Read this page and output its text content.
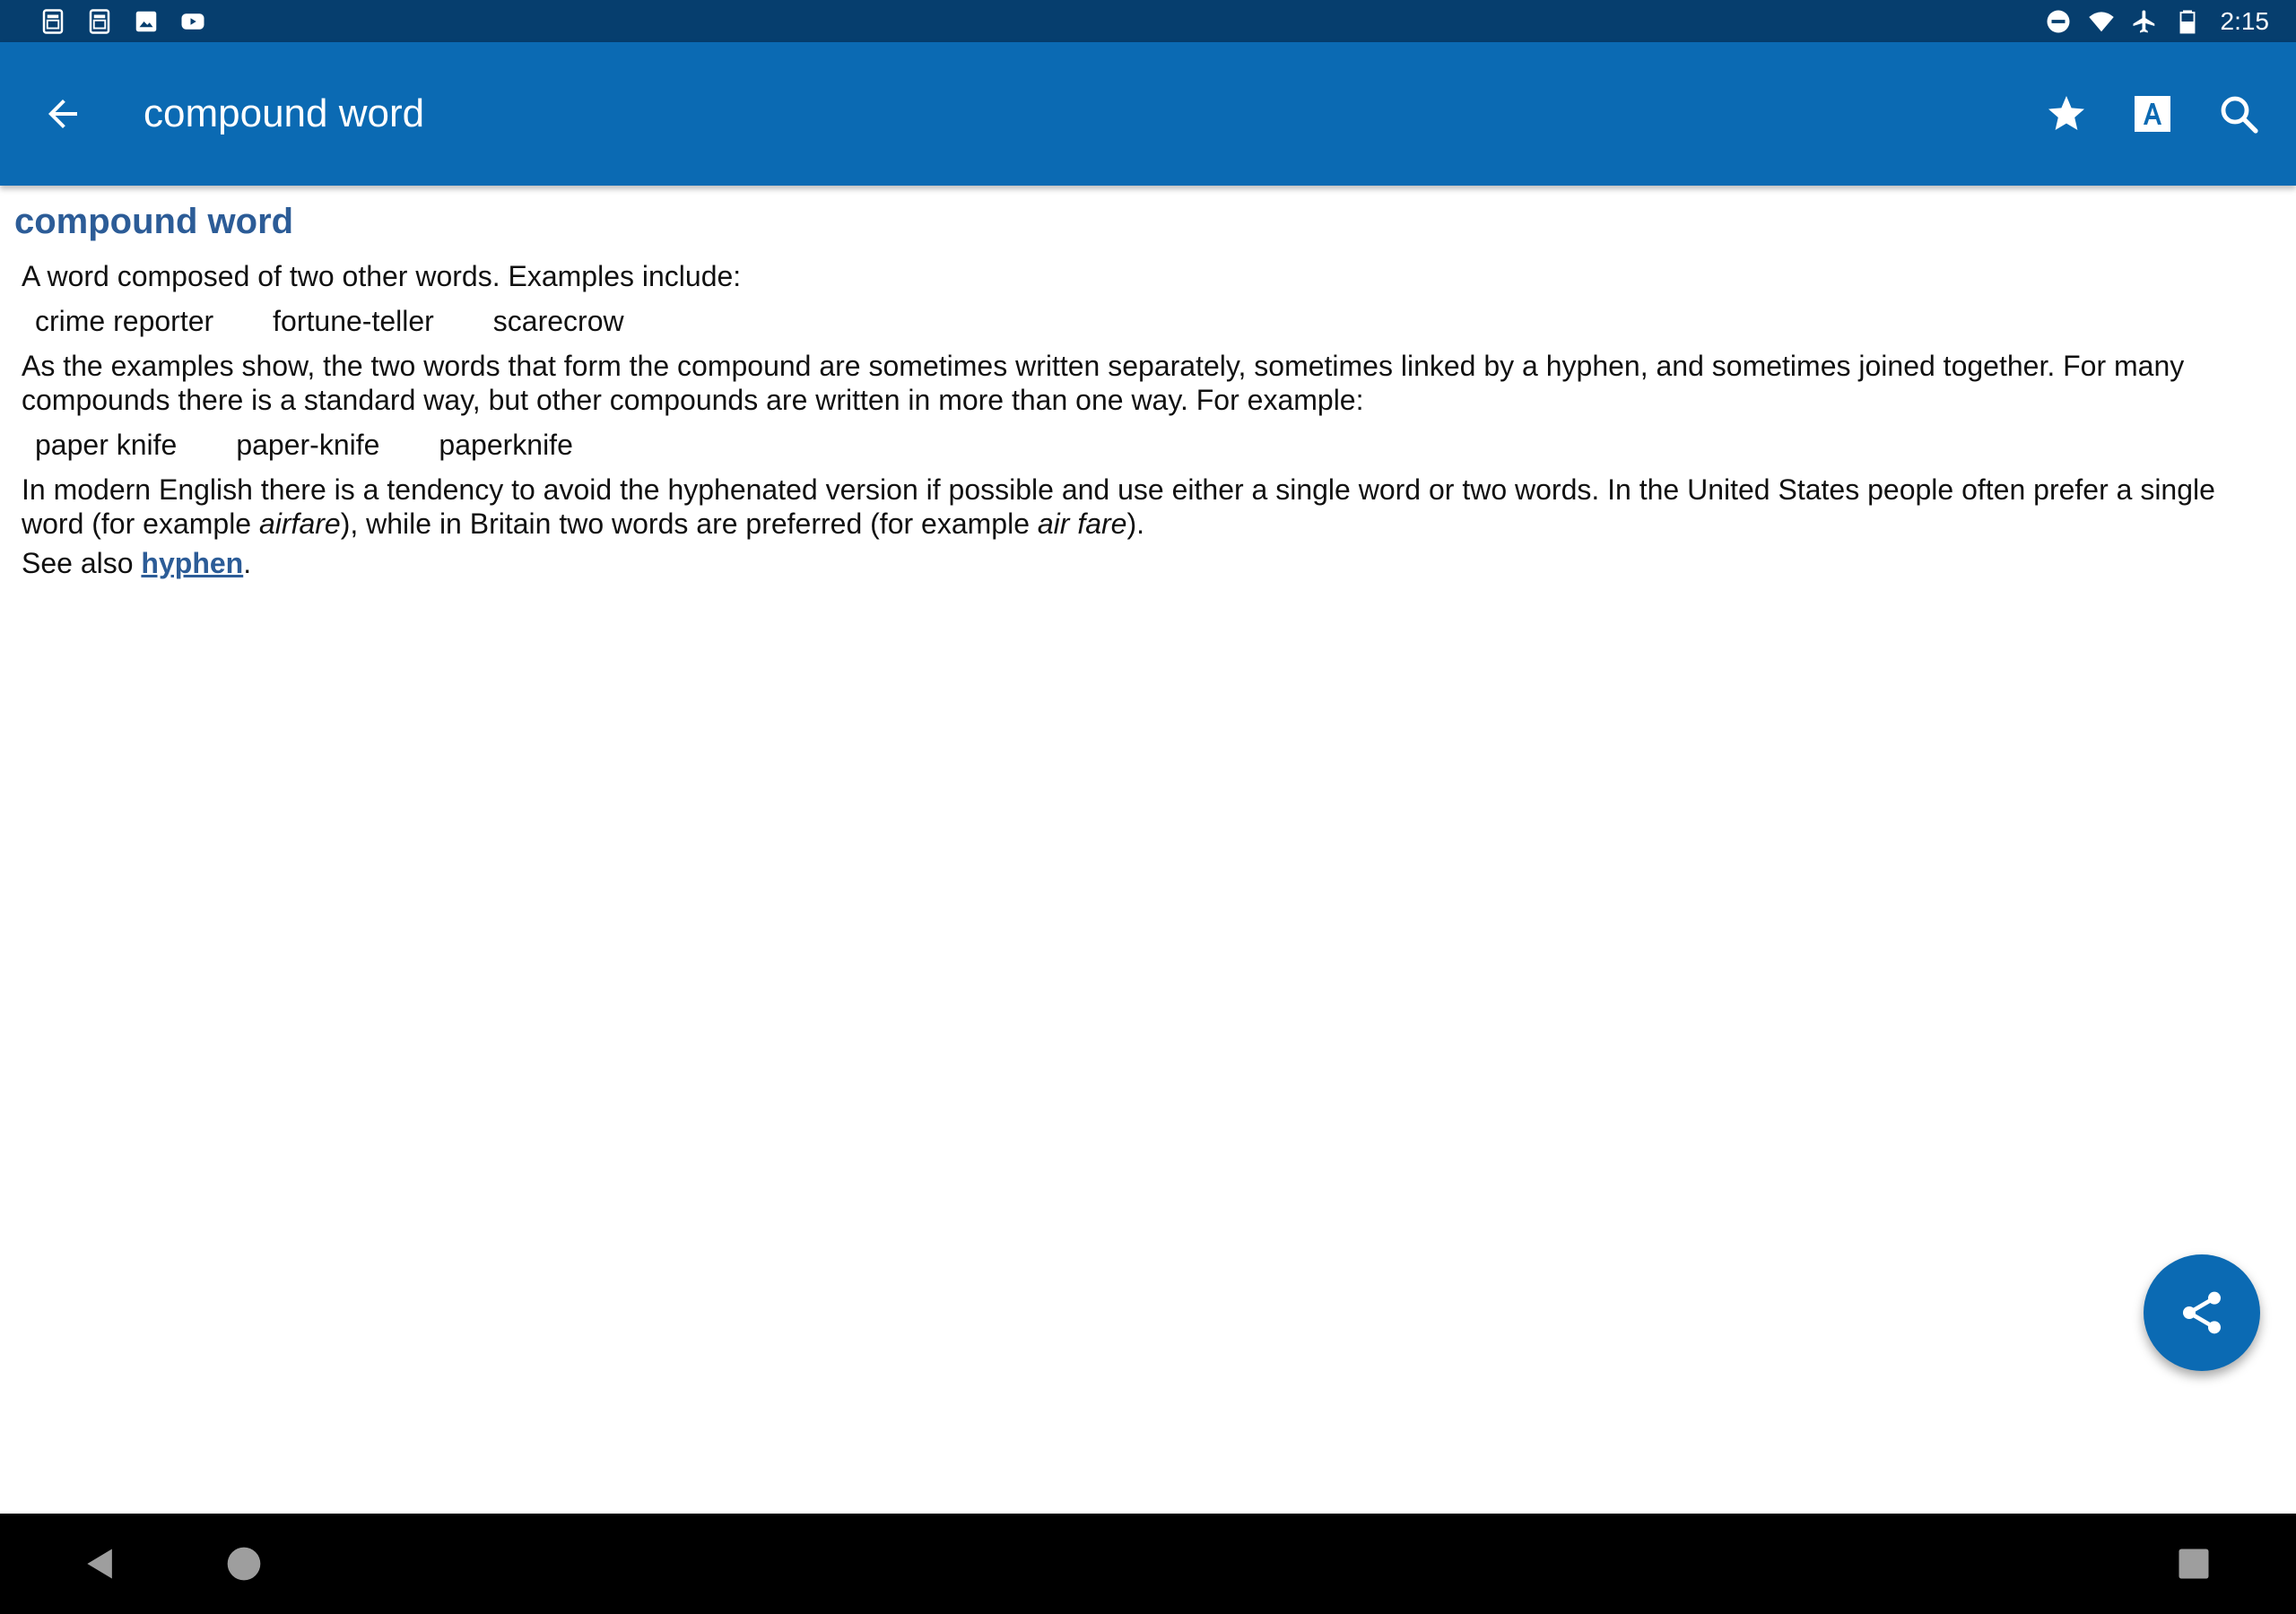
2:15
compound word
compound word
A word composed of two other words. Examples include:
crime reporter fortune-teller scarecrow
As the examples show, the two words that form the compound are sometimes written separately, sometimes linked by a hyphen, and sometimes joined together. For many compounds there is a standard way, but other compounds are written in more than one way. For example:
paper knife paper-knife paperknife
In modern English there is a tendency to avoid the hyphenated version if possible and use either a single word or two words. In the United States people often prefer a single word (for example airfare), while in Britain two words are preferred (for example air fare).
See also hyphen.
